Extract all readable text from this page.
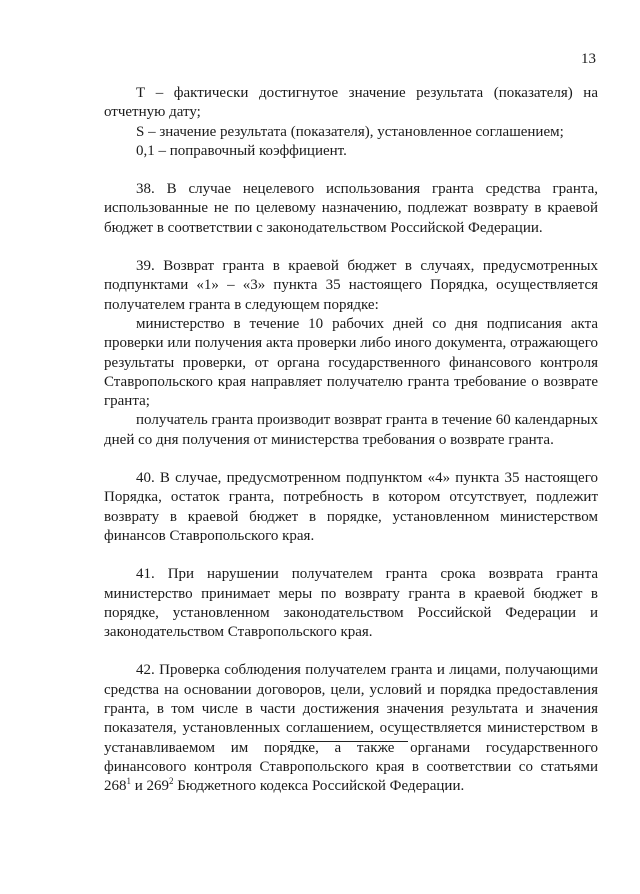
13

Т – фактически достигнутое значение результата (показателя) на отчетную дату;

S – значение результата (показателя), установленное соглашением;

0,1 – поправочный коэффициент.

38. В случае нецелевого использования гранта средства гранта, использованные не по целевому назначению, подлежат возврату в краевой бюджет в соответствии с законодательством Российской Федерации.

39. Возврат гранта в краевой бюджет в случаях, предусмотренных подпунктами «1» – «3» пункта 35 настоящего Порядка, осуществляется получателем гранта в следующем порядке:

министерство в течение 10 рабочих дней со дня подписания акта проверки или получения акта проверки либо иного документа, отражающего результаты проверки, от органа государственного финансового контроля Ставропольского края направляет получателю гранта требование о возврате гранта;

получатель гранта производит возврат гранта в течение 60 календарных дней со дня получения от министерства требования о возврате гранта.

40. В случае, предусмотренном подпунктом «4» пункта 35 настоящего Порядка, остаток гранта, потребность в котором отсутствует, подлежит возврату в краевой бюджет в порядке, установленном министерством финансов Ставропольского края.

41. При нарушении получателем гранта срока возврата гранта министерство принимает меры по возврату гранта в краевой бюджет в порядке, установленном законодательством Российской Федерации и законодательством Ставропольского края.

42. Проверка соблюдения получателем гранта и лицами, получающими средства на основании договоров, цели, условий и порядка предоставления гранта, в том числе в части достижения значения результата и значения показателя, установленных соглашением, осуществляется министерством в устанавливаемом им порядке, а также органами государственного финансового контроля Ставропольского края в соответствии со статьями $268^1$ и $269^2$ Бюджетного кодекса Российской Федерации.
